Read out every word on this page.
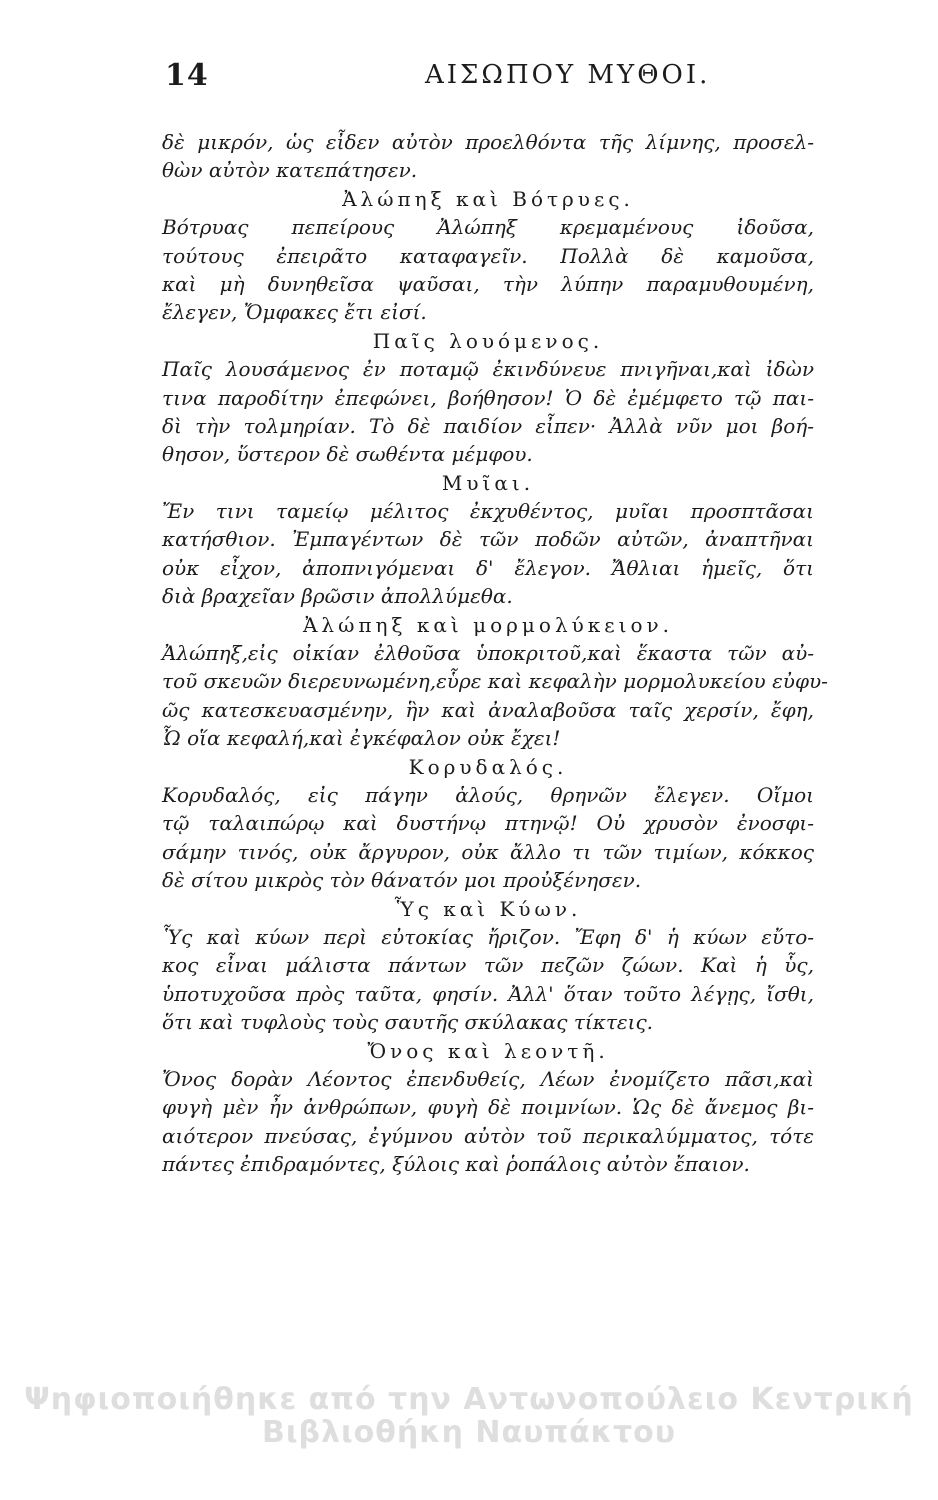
14	ΑΙΣΩΠΟΥ ΜΥΘΟΙ.
δὲ μικρόν, ὡς εἶδεν αὐτὸν προελθόντα τῆς λίμνης, προσελ-
θὼν αὐτὸν κατεπάτησεν.
Ἀλώπηξ καὶ Βότρυες.
Βότρυας πεπείρους Ἀλώπηξ κρεμαμένους ἰδοῦσα,
τούτους ἐπειρᾶτο καταφαγεῖν. Πολλὰ δὲ καμοῦσα,
καὶ μὴ δυνηθεῖσα ψαῦσαι, τὴν λύπην παραμυθουμένη,
ἔλεγεν, Ὄμφακες ἔτι εἰσί.
Παῖς λουόμενος.
Παῖς λουσάμενος ἐν ποταμῷ ἐκινδύνευε πνιγῆναι,καὶ ἰδὼν
τινα παροδίτην ἐπεφώνει, βοήθησον! Ὁ δὲ ἐμέμφετο τῷ παι-
δὶ τὴν τολμηρίαν. Τὸ δὲ παιδίον εἶπεν· Ἀλλὰ νῦν μοι βοή-
θησον, ὕστερον δὲ σωθέντα μέμφου.
Μυῖαι.
Ἔν τινι ταμείῳ μέλιτος ἐκχυθέντος, μυῖαι προσπτᾶσαι
κατήσθιον. Ἐμπαγέντων δὲ τῶν ποδῶν αὐτῶν, ἀναπτῆναι
οὐκ εἶχον, ἀποπνιγόμεναι δ' ἔλεγον. Ἄθλιαι ἡμεῖς, ὅτι
διὰ βραχεῖαν βρῶσιν ἀπολλύμεθα.
Ἀλώπηξ καὶ μορμολύκειον.
Ἀλώπηξ,εἰς οἰκίαν ἐλθοῦσα ὑποκριτοῦ,καὶ ἕκαστα τῶν αὐ-
τοῦ σκευῶν διερευνωμένη,εὗρε καὶ κεφαλὴν μορμολυκείου εὐφυ-
ῶς κατεσκευασμένην, ἣν καὶ ἀναλαβοῦσα ταῖς χερσίν, ἔφη,
Ὦ οἵα κεφαλή,καὶ ἐγκέφαλον οὐκ ἔχει!
Κορυδαλός.
Κορυδαλός, εἰς πάγην ἁλούς, θρηνῶν ἔλεγεν. Οἴμοι
τῷ ταλαιπώρῳ καὶ δυστήνῳ πτηνῷ! Οὐ χρυσὸν ἐνοσφι-
σάμην τινός, οὐκ ἄργυρον, οὐκ ἄλλο τι τῶν τιμίων, κόκκος
δὲ σίτου μικρὸς τὸν θάνατόν μοι προὐξένησεν.
Ὗς καὶ Κύων.
Ὗς καὶ κύων περὶ εὐτοκίας ἤριζον. Ἔφη δ' ἡ κύων εὔτο-
κος εἶναι μάλιστα πάντων τῶν πεζῶν ζώων. Καὶ ἡ ὗς,
ὑποτυχοῦσα πρὸς ταῦτα, φησίν. Ἀλλ' ὅταν τοῦτο λέγῃς, ἴσθι,
ὅτι καὶ τυφλοὺς τοὺς σαυτῆς σκύλακας τίκτεις.
Ὄνος καὶ λεοντῆ.
Ὄνος δορὰν Λέοντος ἐπενδυθείς, Λέων ἐνομίζετο πᾶσι,καὶ
φυγὴ μὲν ἦν ἀνθρώπων, φυγὴ δὲ ποιμνίων. Ὡς δὲ ἄνεμος βι-
αιότερον πνεύσας, ἐγύμνου αὐτὸν τοῦ περικαλύμματος, τότε
πάντες ἐπιδραμόντες, ξύλοις καὶ ῥοπάλοις αὐτὸν ἔπαιον.
Ψηφιοποιήθηκε από την Αντωνοπούλειο Κεντρική
Βιβλιοθήκη Ναυπάκτου
